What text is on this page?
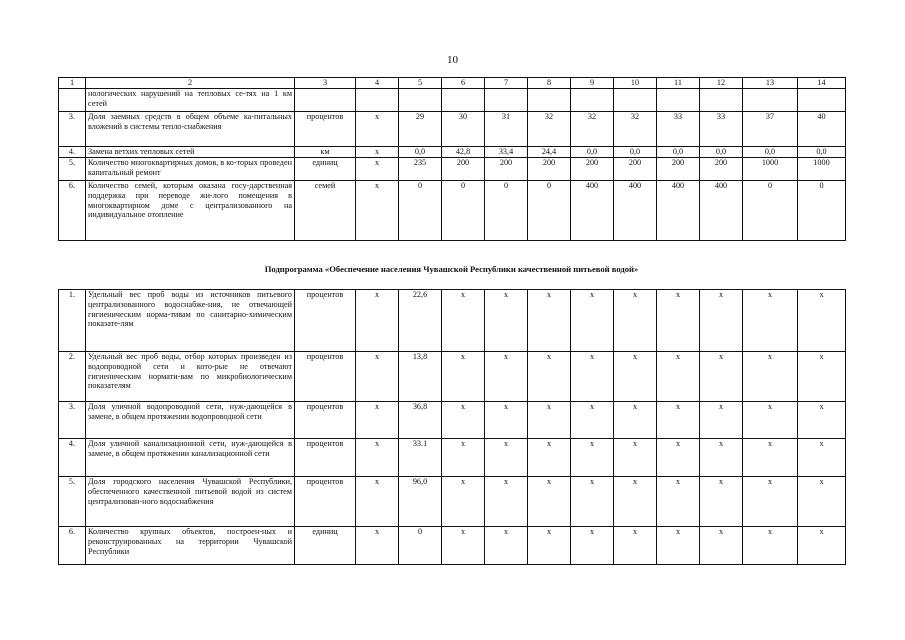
10
1	2	3	4	5	6	7	8	9	10	11	12	13	14
	нологических нарушений на тепловых се-тях на 1 км сетей												
3.	Доля заемных средств в общем объеме ка-питальных вложений в системы тепло-снабжения	процентов	х	29	30	31	32	32	32	33	33	37	40
4.	Замена ветхих тепловых сетей	км	х	0,0	42,8	33,4	24,4	0,0	0,0	0,0	0,0	0,0	0,0
5.	Количество многоквартирных домов, в ко-торых проведен капитальный ремонт	единиц	х	235	200	200	200	200	200	200	200	1000	1000
6.	Количество семей, которым оказана госу-дарственная поддержка при переводе жи-лого помещения в многоквартирном доме с централизованного на индивидуальное отопление	семей	х	0	0	0	0	400	400	400	400	0	0
Подпрограмма «Обеспечение населения Чувашской Республики качественной питьевой водой»
1.	Удельный вес проб воды из источников питьевого централизованного водоснабже-ния, не отвечающей гигиеническим норма-тивам по санитарно-химическим показате-лям	процентов	х	22,6	х	х	х	х	х	х	х	х	х
2.	Удельный вес проб воды, отбор которых произведен из водопроводной сети и кото-рые не отвечают гигиеническим нормати-вам по микробиологическим показателям	процентов	х	13,8	х	х	х	х	х	х	х	х	х
3.	Доля уличной водопроводной сети, нуж-дающейся в замене, в общем протяжении водопроводной сети	процентов	х	36,8	х	х	х	х	х	х	х	х	х
4.	Доля уличной канализационной сети, нуж-дающейся в замене, в общем протяжении канализационной сети	процентов	х	33.1	х	х	х	х	х	х	х	х	х
5.	Доля городского населения Чувашской Республики, обеспеченного качественной питьевой водой из систем централизован-ного водоснабжения	процентов	х	96,0	х	х	х	х	х	х	х	х	х
6.	Количество крупных объектов, построен-ных и реконструированных на территории Чувашской Республики	единиц	х	0	х	х	х	х	х	х	х	х	х
